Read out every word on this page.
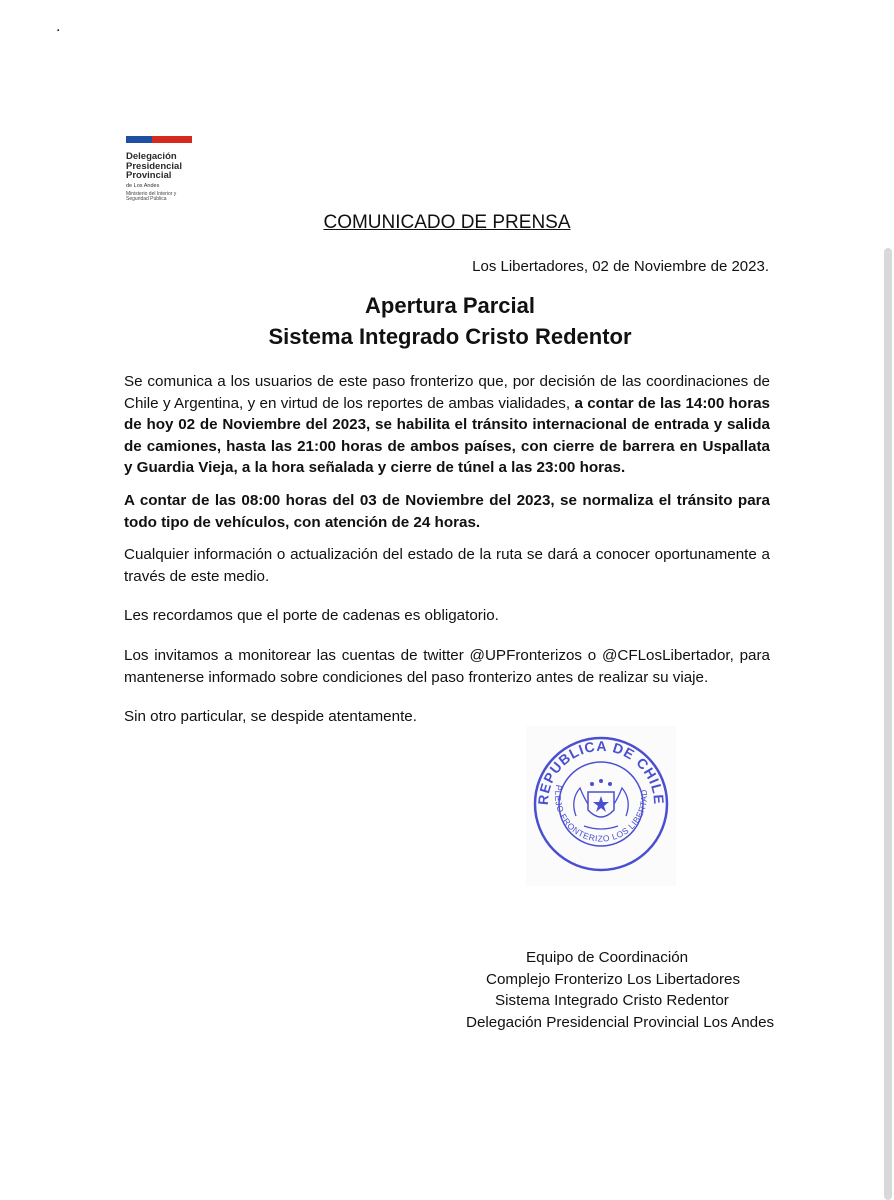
.
Delegación Presidencial Provincial
de Los Andes
Ministerio del Interior y Seguridad Pública
COMUNICADO DE PRENSA
Los Libertadores, 02 de Noviembre de 2023.
Apertura Parcial
Sistema Integrado Cristo Redentor
Se comunica a los usuarios de este paso fronterizo que, por decisión de las coordinaciones de Chile y Argentina, y en virtud de los reportes de ambas vialidades, a contar de las 14:00 horas de hoy 02 de Noviembre del 2023, se habilita el tránsito internacional de entrada y salida de camiones, hasta las 21:00 horas de ambos países, con cierre de barrera en Uspallata y Guardia Vieja, a la hora señalada y cierre de túnel a las 23:00 horas.
A contar de las 08:00 horas del 03 de Noviembre del 2023, se normaliza el tránsito para todo tipo de vehículos, con atención de 24 horas.
Cualquier información o actualización del estado de la ruta se dará a conocer oportunamente a través de este medio.
Les recordamos que el porte de cadenas es obligatorio.
Los invitamos a monitorear las cuentas de twitter @UPFronterizos o @CFLosLibertador, para mantenerse informado sobre condiciones del paso fronterizo antes de realizar su viaje.
Sin otro particular, se despide atentamente.
REPUBLICA DE CHILE
PLEJO FRONTERIZO LOS LIBERTAD
Equipo de Coordinación
Complejo Fronterizo Los Libertadores
Sistema Integrado Cristo Redentor
Delegación Presidencial Provincial Los Andes
